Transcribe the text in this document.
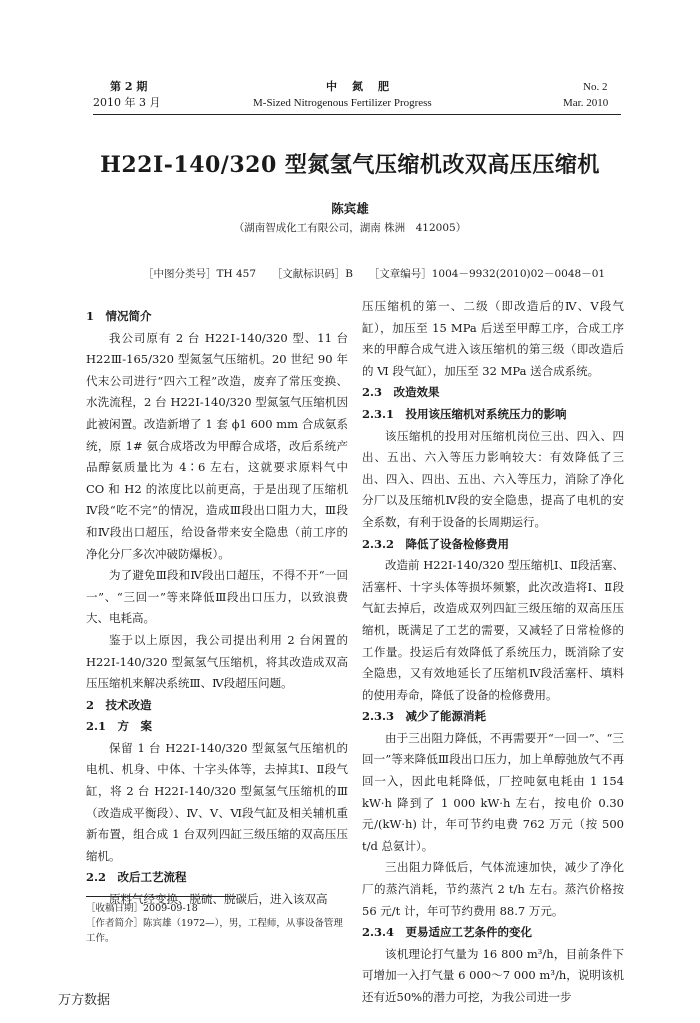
第 2 期
2010 年 3 月
中　氮　肥
M-Sized Nitrogenous Fertilizer Progress
No. 2
Mar. 2010
H22Ⅰ-140/320 型氮氢气压缩机改双高压压缩机
陈宾雄
（湖南智成化工有限公司，湖南 株洲　412005）
［中图分类号］TH 457　　［文献标识码］B　　［文章编号］1004－9932(2010)02－0048－01

1　情况简介

我公司原有 2 台 H22Ⅰ-140/320 型、11 台 H22Ⅲ-165/320 型氮氢气压缩机。20 世纪 90 年代末公司进行“四六工程”改造，废弃了常压变换、水洗流程，2 台 H22Ⅰ-140/320 型氮氢气压缩机因此被闲置。改造新增了 1 套 ϕ1 600 mm 合成氨系统，原 1# 氨合成塔改为甲醇合成塔，改后系统产品醇氨质量比为 4∶6 左右，这就要求原料气中 CO 和 H2 的浓度比以前更高，于是出现了压缩机Ⅳ段“吃不完”的情况，造成Ⅲ段出口阻力大，Ⅲ段和Ⅳ段出口超压，给设备带来安全隐患（前工序的净化分厂多次冲破防爆板）。

为了避免Ⅲ段和Ⅳ段出口超压，不得不开“一回一”、“三回一”等来降低Ⅲ段出口压力，以致浪费大、电耗高。

鉴于以上原因，我公司提出利用 2 台闲置的 H22Ⅰ-140/320 型氮氢气压缩机，将其改造成双高压压缩机来解决系统Ⅲ、Ⅳ段超压问题。

2　技术改造

2.1　方　案

保留 1 台 H22Ⅰ-140/320 型氮氢气压缩机的电机、机身、中体、十字头体等，去掉其Ⅰ、Ⅱ段气缸，将 2 台 H22Ⅰ-140/320 型氮氢气压缩机的Ⅲ（改造成平衡段）、Ⅳ、Ⅴ、Ⅵ段气缸及相关辅机重新布置，组合成 1 台双列四缸三级压缩的双高压压缩机。

2.2　改后工艺流程

原料气经变换、脱硫、脱碳后，进入该双高

压压缩机的第一、二级（即改造后的Ⅳ、Ⅴ段气缸），加压至 15 MPa 后送至甲醇工序，合成工序来的甲醇合成气进入该压缩机的第三级（即改造后的 Ⅵ 段气缸），加压至 32 MPa 送合成系统。

2.3　改造效果

2.3.1　投用该压缩机对系统压力的影响

该压缩机的投用对压缩机岗位三出、四入、四出、五出、六入等压力影响较大：有效降低了三出、四入、四出、五出、六入等压力，消除了净化分厂以及压缩机Ⅳ段的安全隐患，提高了电机的安全系数，有利于设备的长周期运行。

2.3.2　降低了设备检修费用

改造前 H22Ⅰ-140/320 型压缩机Ⅰ、Ⅱ段活塞、活塞杆、十字头体等损坏频繁，此次改造将Ⅰ、Ⅱ段气缸去掉后，改造成双列四缸三级压缩的双高压压缩机，既满足了工艺的需要，又减轻了日常检修的工作量。投运后有效降低了系统压力，既消除了安全隐患，又有效地延长了压缩机Ⅳ段活塞杆、填料的使用寿命，降低了设备的检修费用。

2.3.3　减少了能源消耗

由于三出阻力降低，不再需要开“一回一”、“三回一”等来降低Ⅲ段出口压力，加上单醇弛放气不再回一入，因此电耗降低，厂控吨氨电耗由 1 154 kW·h 降到了 1 000 kW·h 左右，按电价 0.30 元/(kW·h) 计，年可节约电费 762 万元（按 500 t/d 总氨计）。

三出阻力降低后，气体流速加快，减少了净化厂的蒸汽消耗，节约蒸汽 2 t/h 左右。蒸汽价格按 56 元/t 计，年可节约费用 88.7 万元。

2.3.4　更易适应工艺条件的变化

该机理论打气量为 16 800 m³/h，目前条件下可增加一入打气量 6 000～7 000 m³/h，说明该机还有近50%的潜力可挖，为我公司进一步

［收稿日期］2009-09-18

［作者简介］陈宾雄（1972—），男，工程师，从事设备管理工作。

万方数据
